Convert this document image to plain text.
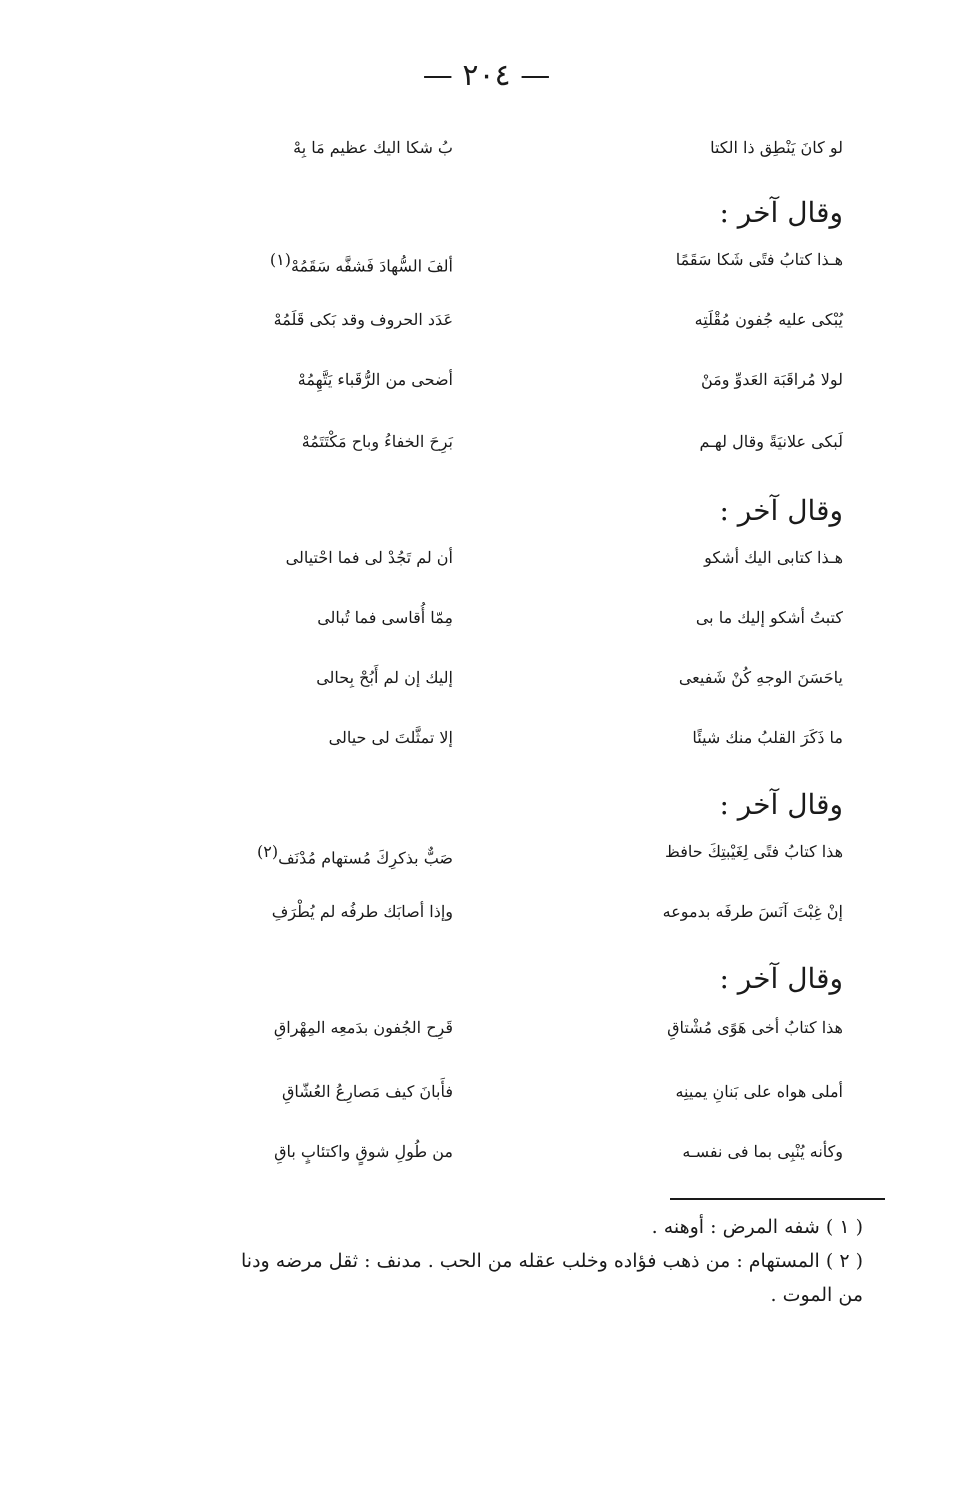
— ٢٠٤ —
لو كانَ يَنْطِق ذا الكتا
بُ شكا اليك عظيم مَا بِهْ
وقال آخر :
هـذا كتابُ فتًى شَكا سَقَمًا
ألفَ السُّهادَ فَشفَّه سَقَمُهْ(١)
يُبْكى عليه جُفون مُقْلَتِه
عَدَد الحروف وقد بَكى قَلَمُهْ
لولا مُراقَبَة العَدوِّ ومَنْ
أضحى من الرُّقَباء يَتَّهِمُهْ
لَبكى علانيَةً وقال لهـم
بَرِحَ الخفاءُ وباح مَكْتَتَمُهْ
وقال آخر :
هـذا كتابى اليك أشكو
أن لم تَجُدْ لى فما احْتيالى
كتبتُ أشكو إليك ما بى
مِمّا أُقاسى فما تُبالى
ياحَسَنَ الوجهِ كُنْ شَفيعى
إليك إن لم أَبُحْ بِحالى
ما ذَكَرَ القلبُ منك شيئًا
إلا تمثَّلتَ لى حيالى
وقال آخر :
هذا كتابُ فتًى لِغَيْبتِكَ حافظ
صَبٌّ بذكرِكَ مُستهام مُدْنَف(٢)
إنْ غِبْتَ آنَسَ طرفَه بدموعه
وإذا أصابَك طرفُه لم يُطْرَفِ
وقال آخر :
هذا كتابُ أخى هَوًى مُشْتاقِ
قَرِح الجُفون بدَمعِه المِهْراقِ
أملى هواه على بَنانِ يمينِه
فأَبانَ كيف مَصارِعُ العُشّاقِ
وكأنه يُنْبِى بما فى نفسـه
من طُولِ شوقٍ واكتئابٍ باقِ
( ١ ) شفه المرض : أوهنه .
( ٢ ) المستهام : من ذهب فؤاده وخلب عقله من الحب . مدنف : ثقل مرضه ودنا
من الموت .
